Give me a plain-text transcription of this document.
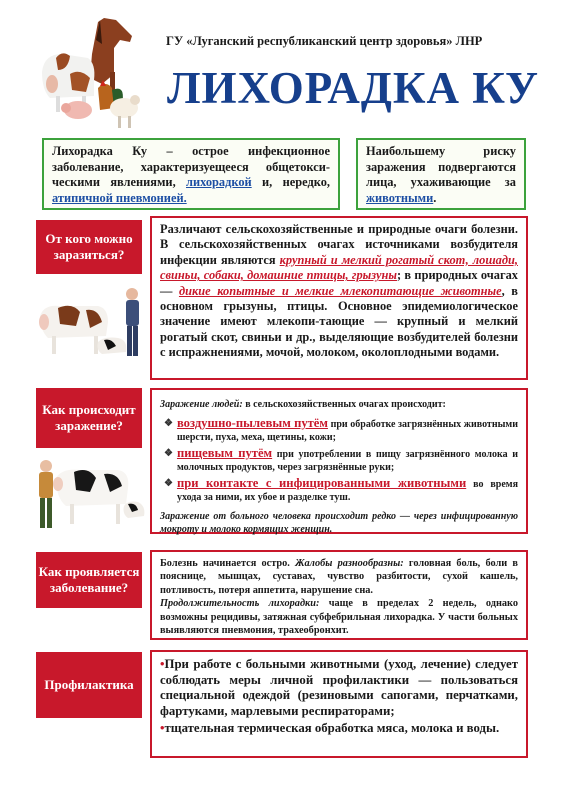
ГУ «Луганский республиканский центр здоровья» ЛНР
ЛИХОРАДКА КУ
Лихорадка Ку – острое инфекционное заболевание, характеризуещееся общетокси-ческими явлениями, лихорадкой и, нередко, атипичной пневмонией.
Наибольшему риску заражения подвергаются лица, ухаживающие за животными.
От кого можно заразиться?
Различают сельскохозяйственные и природные очаги болезни. В сельскохозяйственных очагах источниками возбудителя инфекции являются крупный и мелкий рогатый скот, лошади, свиньи, собаки, домашние птицы, грызуны; в природных очагах — дикие копытные и мелкие млекопитающие животные, в основном грызуны, птицы. Основное эпидемиологическое значение имеют млекопи-тающие — крупный и мелкий рогатый скот, свиньи и др., выделяющие возбудителей болезни с испражнениями, мочой, молоком, околоплодными водами.
Как происходит заражение?
Заражение людей: в сельскохозяйственных очагах происходит:
❖ воздушно-пылевым путём при обработке загрязнённых животными шерсти, пуха, меха, щетины, кожи;
❖ пищевым путём при употреблении в пищу загрязнённого молока и молочных продуктов, через загрязнённые руки;
❖ при контакте с инфицированными животными во время ухода за ними, их убое и разделке туш.
Заражение от больного человека происходит редко — через инфицированную мокроту и молоко кормящих женщин.
Как проявляется заболевание?
Болезнь начинается остро. Жалобы разнообразны: головная боль, боли в пояснице, мышцах, суставах, чувство разбитости, сухой кашель, потливость, потеря аппетита, нарушение сна.
Продолжительность лихорадки: чаще в пределах 2 недель, однако возможны рецидивы, затяжная субфебрильная лихорадка. У части больных выявляются пневмония, трахеобронхит.
Профилактика
•При работе с больными животными (уход, лечение) следует соблюдать меры личной профилактики — пользоваться специальной одеждой (резиновыми сапогами, перчатками, фартуками, марлевыми респираторами;
•тщательная термическая обработка мяса, молока и воды.
